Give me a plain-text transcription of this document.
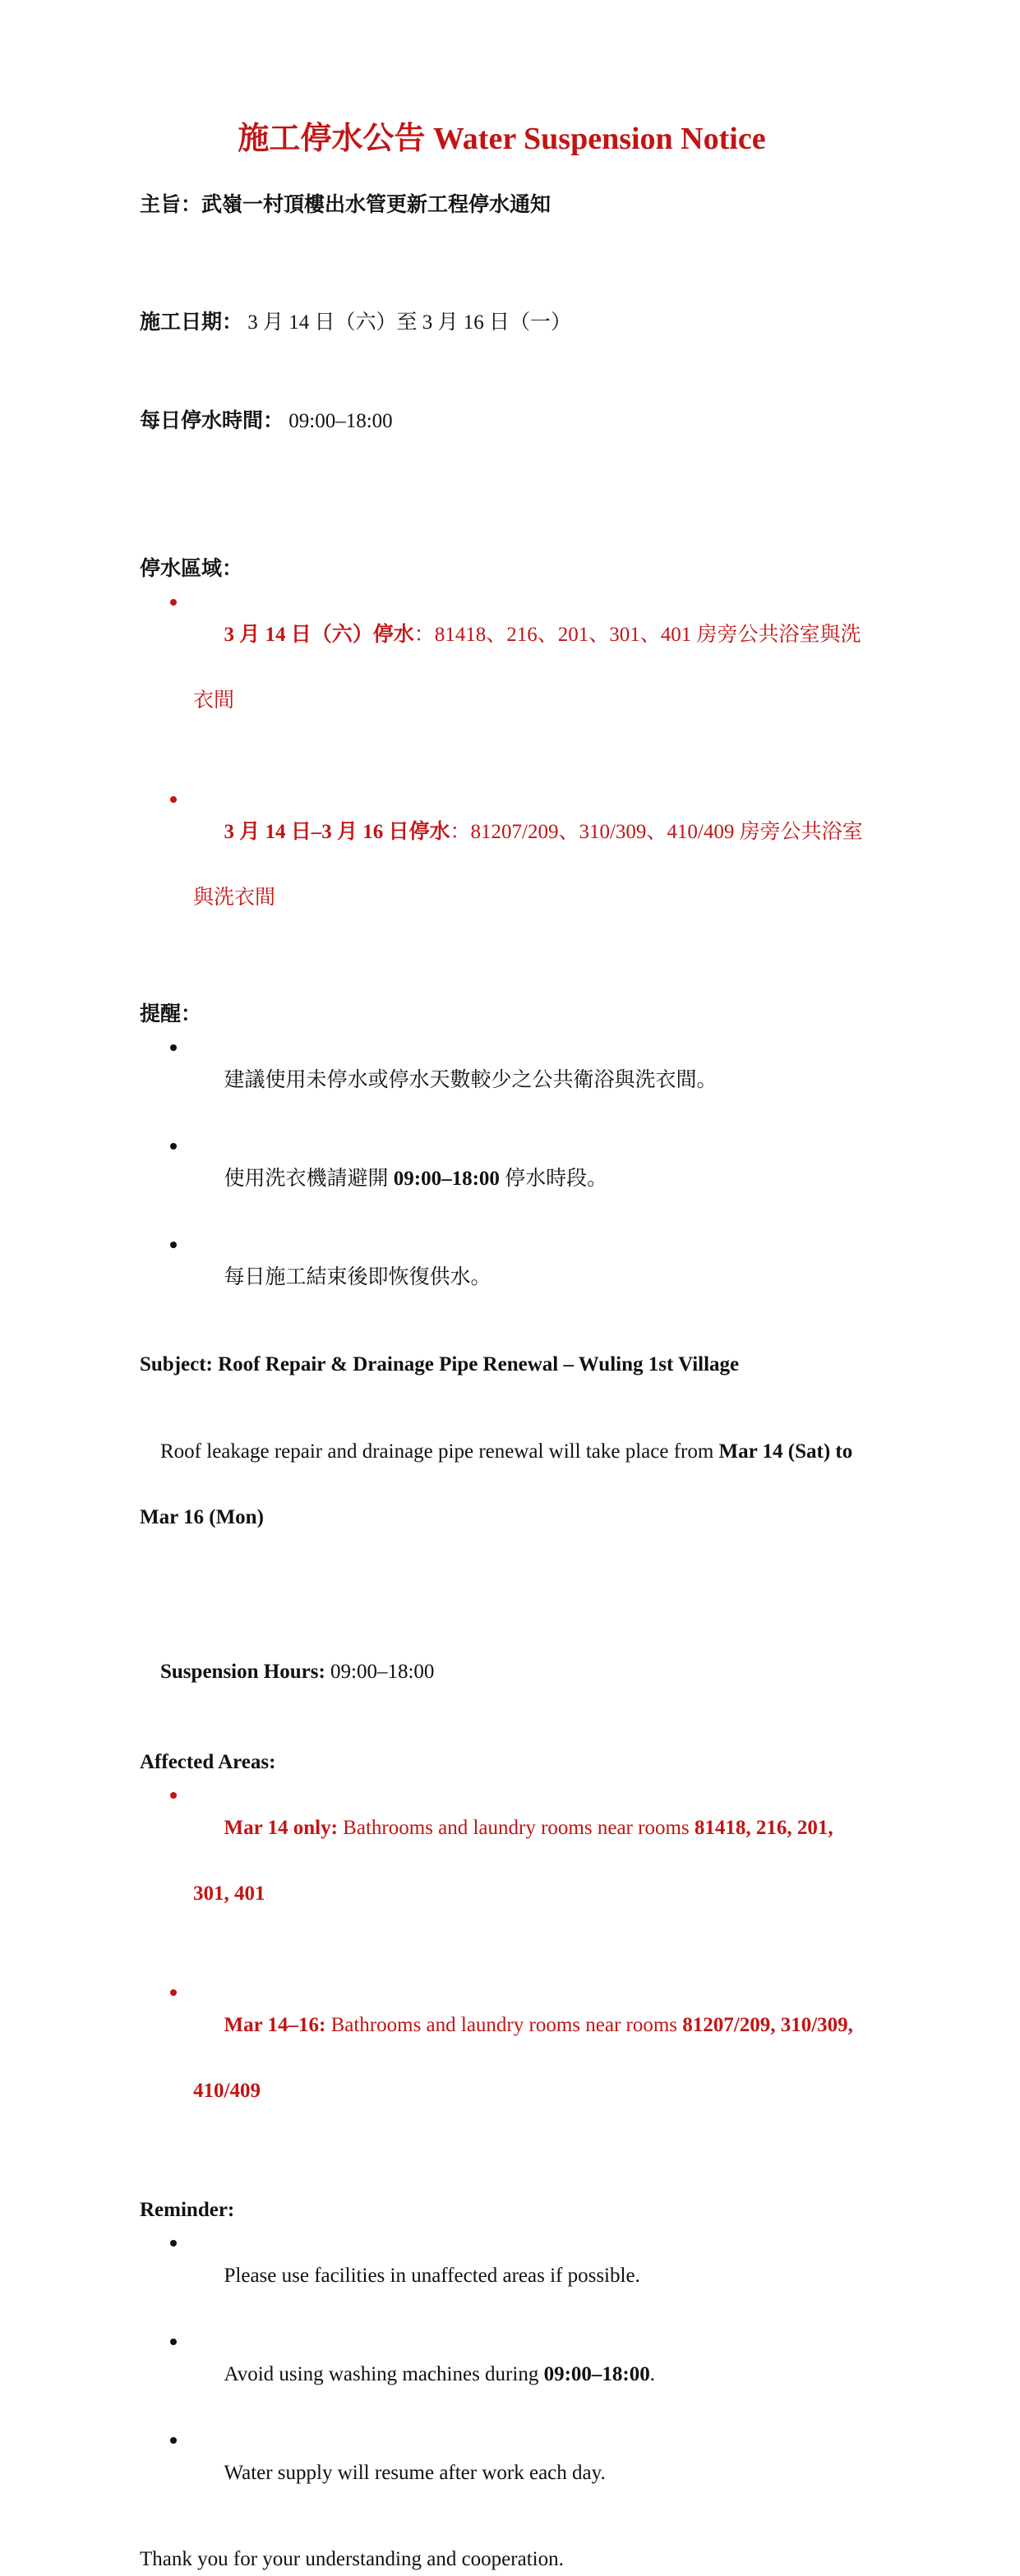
施工停水公告 Water Suspension Notice

主旨：武嶺一村頂樓出水管更新工程停水通知

施工日期： 3 月 14 日（六）至 3 月 16 日（一）

每日停水時間： 09:00–18:00

停水區域：

3 月 14 日（六）停水：81418、216、201、301、401 房旁公共浴室與洗

衣間

3 月 14 日–3 月 16 日停水：81207/209、310/309、410/409 房旁公共浴室

與洗衣間

提醒：

建議使用未停水或停水天數較少之公共衛浴與洗衣間。

使用洗衣機請避開 09:00–18:00 停水時段。

每日施工結束後即恢復供水。

Subject: Roof Repair & Drainage Pipe Renewal – Wuling 1st Village

Roof leakage repair and drainage pipe renewal will take place from Mar 14 (Sat) to

Mar 16 (Mon)

Suspension Hours: 09:00–18:00

Affected Areas:

Mar 14 only: Bathrooms and laundry rooms near rooms 81418, 216, 201,

301, 401

Mar 14–16: Bathrooms and laundry rooms near rooms 81207/209, 310/309,

410/409

Reminder:

Please use facilities in unaffected areas if possible.

Avoid using washing machines during 09:00–18:00.

Water supply will resume after work each day.

Thank you for your understanding and cooperation.
